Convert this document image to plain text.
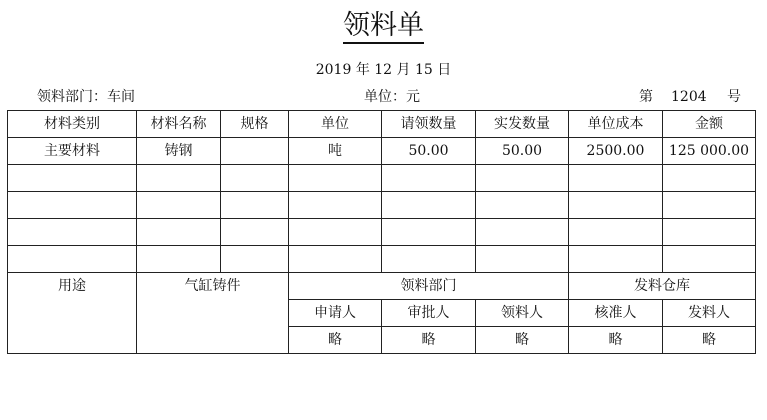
领料单
2019 年 12 月 15 日
领料部门：车间	单位：元	第 1204 号
材料类别	材料名称	规格	单位	请领数量	实发数量	单位成本	金额
主要材料	铸钢		吨	50.00	50.00	2500.00	125 000.00

用途	气缸铸件		领料部门			发料仓库	
			申请人	审批人	领料人	核准人	发料人
			略	略	略	略	略
